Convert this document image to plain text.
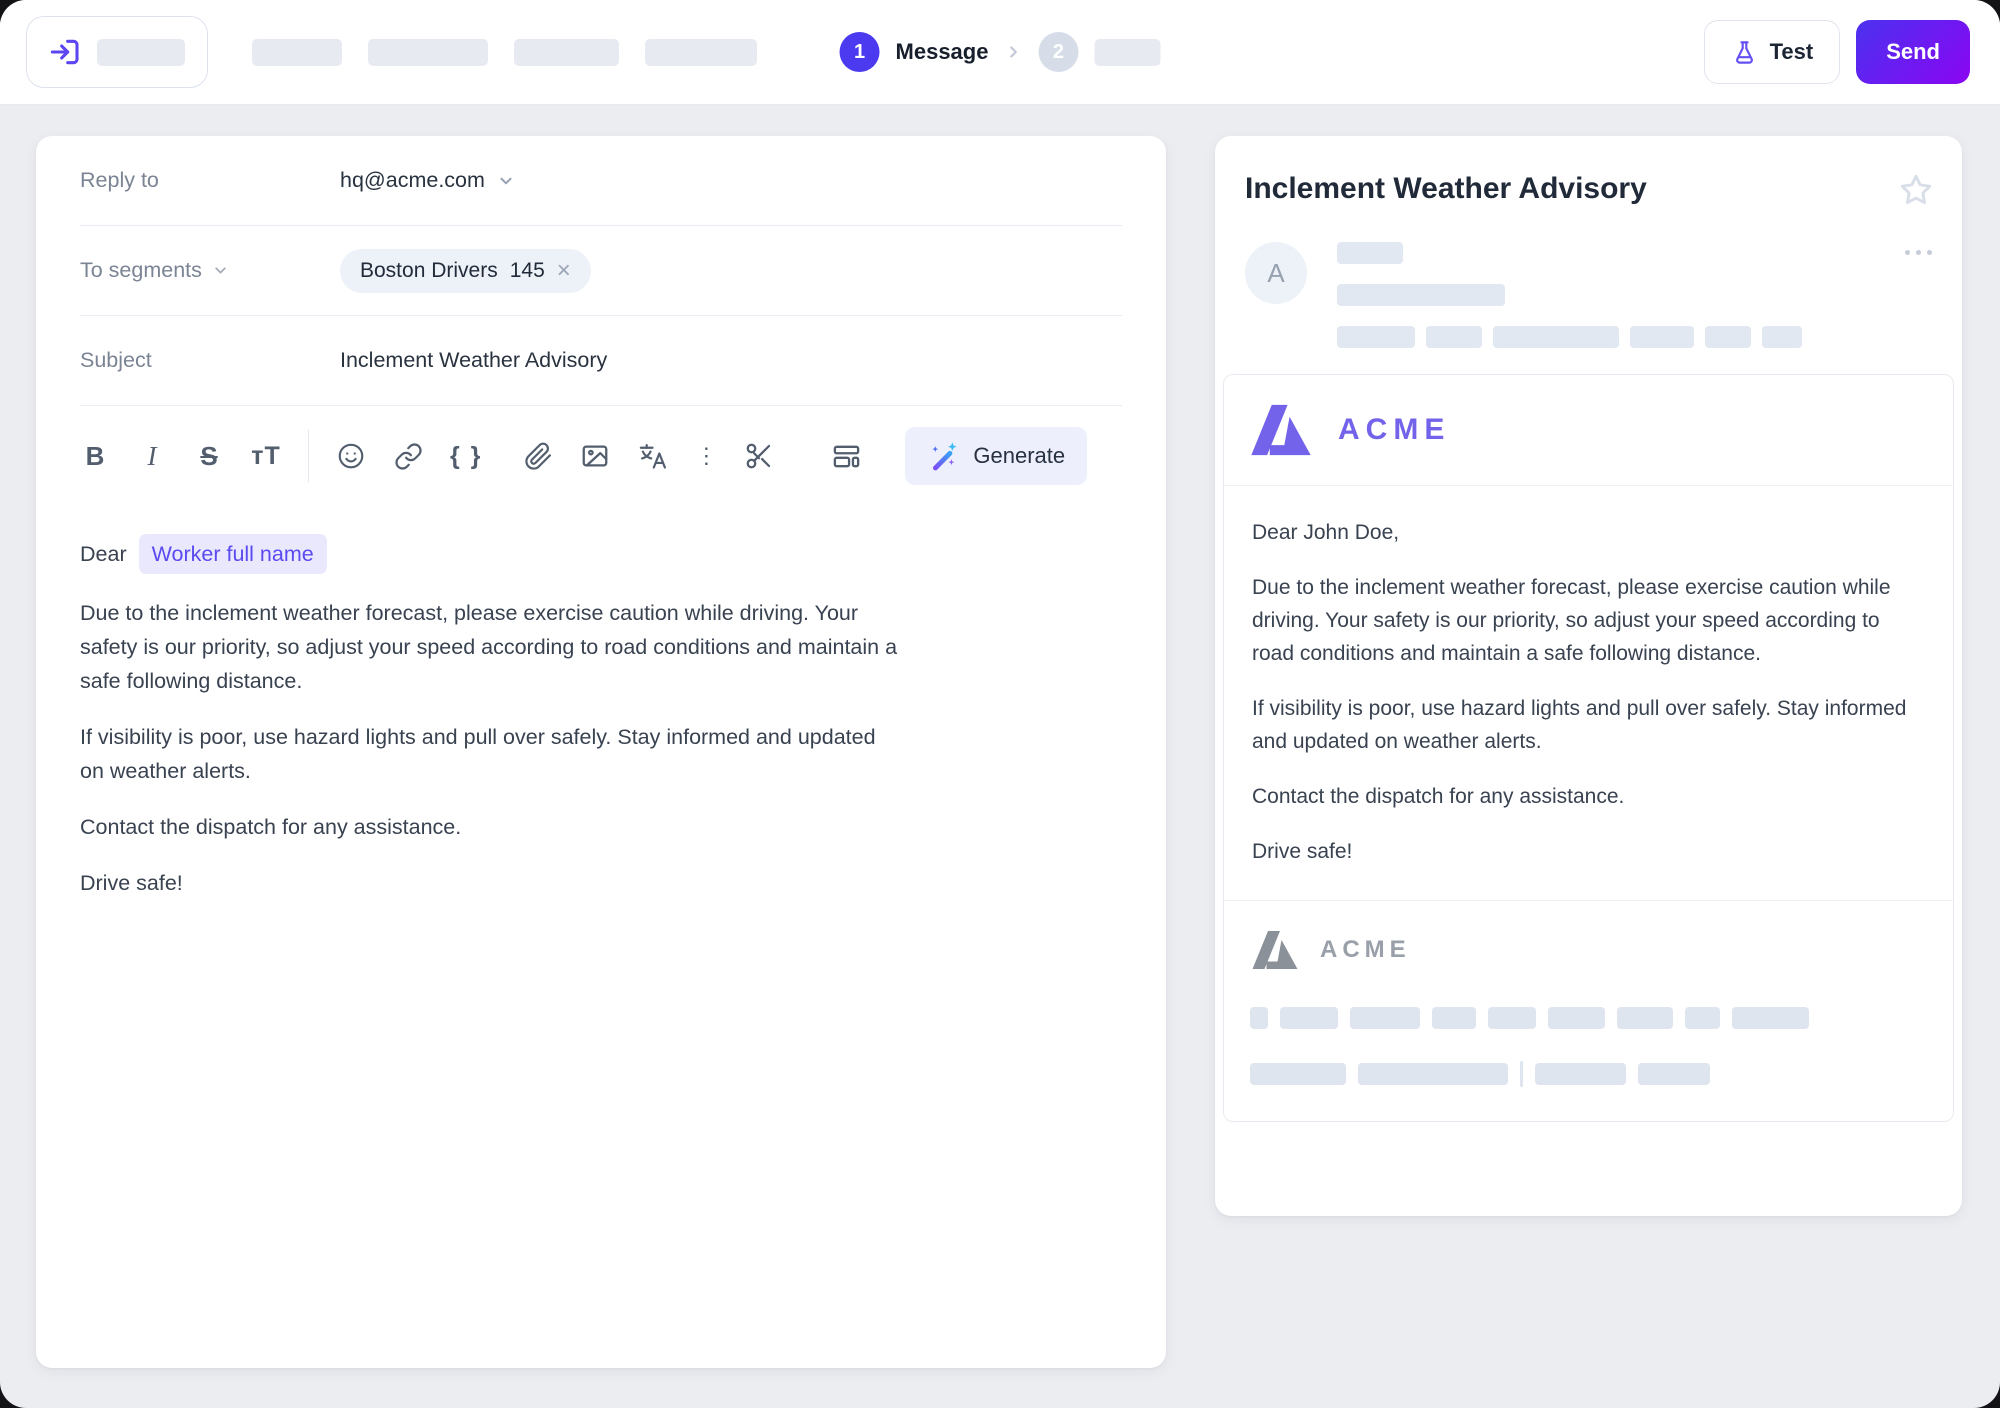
1	Message	2	Test	Send
Reply to	hq@acme.com
To segments	Boston Drivers 145 ×
Subject	Inclement Weather Advisory
B	I	S тT	{ }	⋮	Generate
Dear	Worker full name

Due to the inclement weather forecast, please exercise caution while driving. Your safety is our priority, so adjust your speed according to road conditions and maintain a safe following distance.

If visibility is poor, use hazard lights and pull over safely. Stay informed and updated on weather alerts.

Contact the dispatch for any assistance.

Drive safe!

Inclement Weather Advisory
A

ACME

Dear John Doe,

Due to the inclement weather forecast, please exercise caution while driving. Your safety is our priority, so adjust your speed according to road conditions and maintain a safe following distance.

If visibility is poor, use hazard lights and pull over safely. Stay informed and updated on weather alerts.

Contact the dispatch for any assistance.

Drive safe!

ACME
